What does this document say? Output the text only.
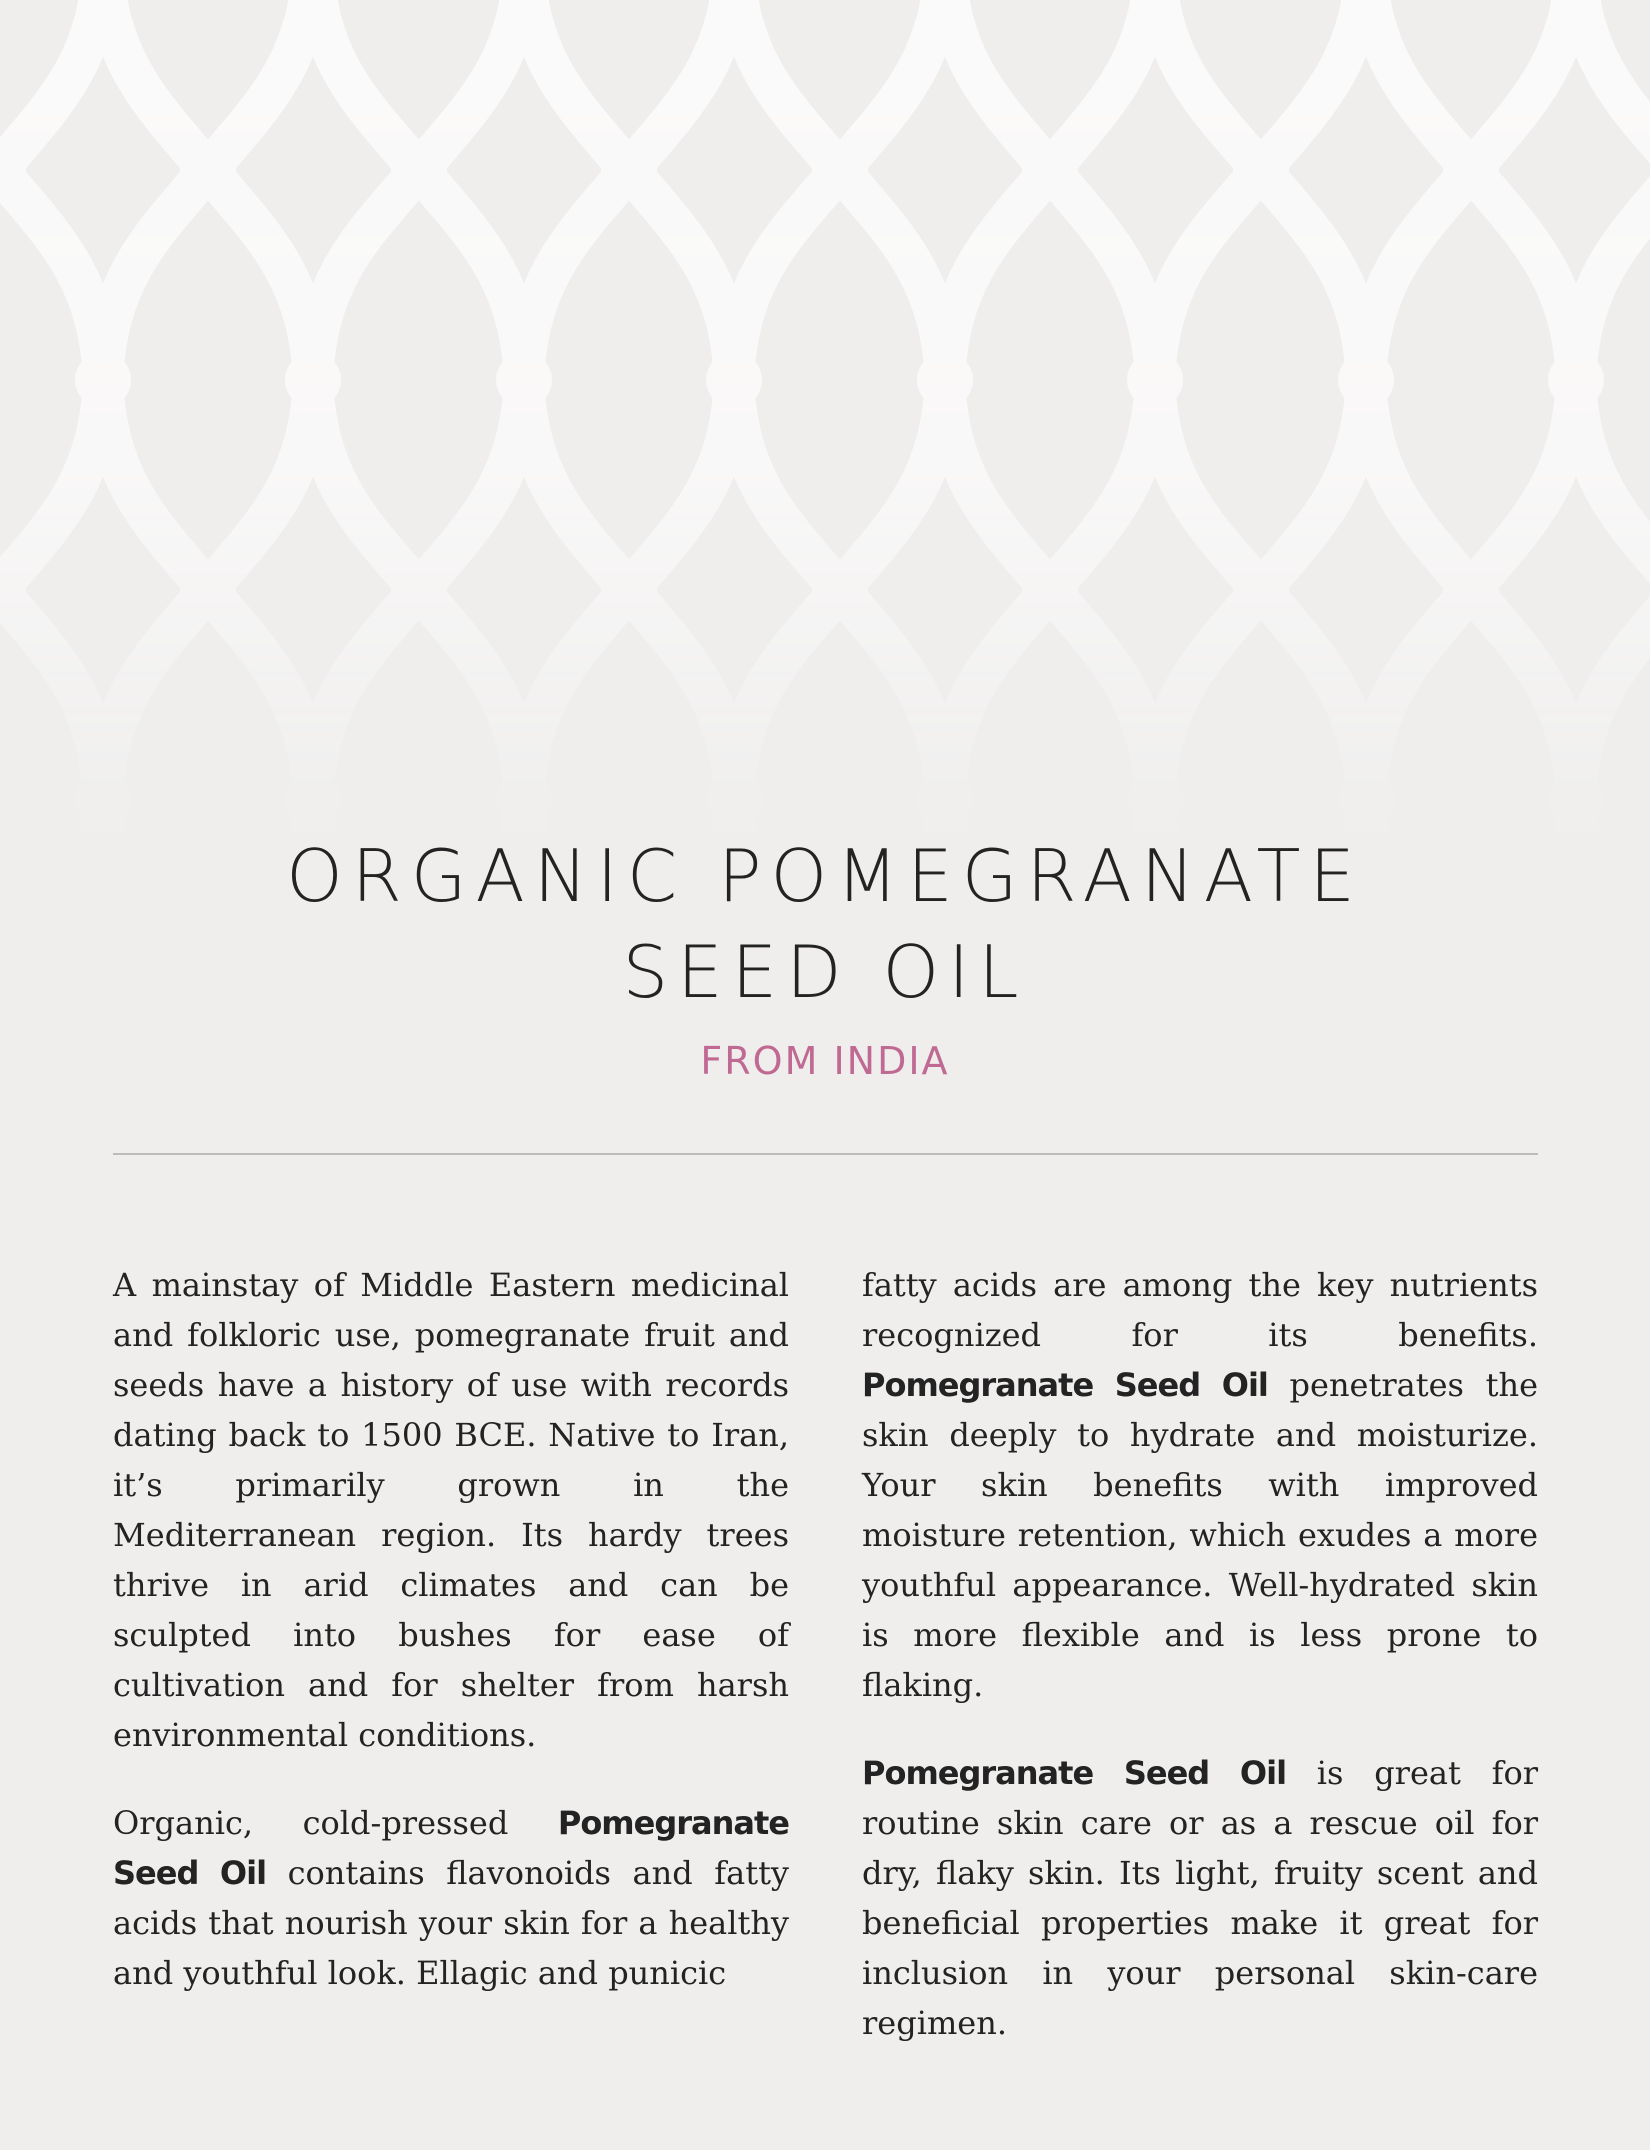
ORGANIC POMEGRANATE
SEED OIL
FROM INDIA

A mainstay of Middle Eastern medicinal and folkloric use, pomegranate fruit and seeds have a history of use with records dating back to 1500 BCE. Native to Iran, it’s primarily grown in the Mediterranean region. Its hardy trees thrive in arid climates and can be sculpted into bushes for ease of cultivation and for shelter from harsh environmental conditions.

Organic, cold-pressed Pomegranate Seed Oil contains flavonoids and fatty acids that nourish your skin for a healthy and youthful look. Ellagic and punicic

fatty acids are among the key nutrients recognized for its benefits. Pomegranate Seed Oil penetrates the skin deeply to hydrate and moisturize. Your skin benefits with improved moisture retention, which exudes a more youthful appearance. Well-hydrated skin is more flexible and is less prone to flaking.

Pomegranate Seed Oil is great for routine skin care or as a rescue oil for dry, flaky skin. Its light, fruity scent and beneficial properties make it great for inclusion in your personal skin-care regimen.
